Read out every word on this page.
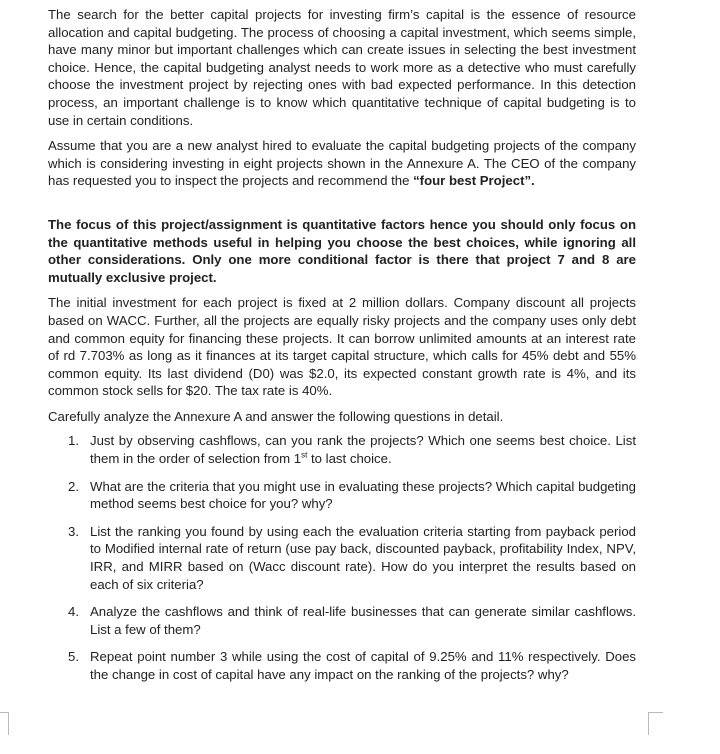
The search for the better capital projects for investing firm’s capital is the essence of resource allocation and capital budgeting. The process of choosing a capital investment, which seems simple, have many minor but important challenges which can create issues in selecting the best investment choice. Hence, the capital budgeting analyst needs to work more as a detective who must carefully choose the investment project by rejecting ones with bad expected performance. In this detection process, an important challenge is to know which quantitative technique of capital budgeting is to use in certain conditions.

Assume that you are a new analyst hired to evaluate the capital budgeting projects of the company which is considering investing in eight projects shown in the Annexure A. The CEO of the company has requested you to inspect the projects and recommend the “four best Project”.

The focus of this project/assignment is quantitative factors hence you should only focus on the quantitative methods useful in helping you choose the best choices, while ignoring all other considerations. Only one more conditional factor is there that project 7 and 8 are mutually exclusive project.

The initial investment for each project is fixed at 2 million dollars. Company discount all projects based on WACC. Further, all the projects are equally risky projects and the company uses only debt and common equity for financing these projects. It can borrow unlimited amounts at an interest rate of rd 7.703% as long as it finances at its target capital structure, which calls for 45% debt and 55% common equity. Its last dividend (D0) was $2.0, its expected constant growth rate is 4%, and its common stock sells for $20. The tax rate is 40%.

Carefully analyze the Annexure A and answer the following questions in detail.

1. Just by observing cashflows, can you rank the projects? Which one seems best choice. List them in the order of selection from 1st to last choice.
2. What are the criteria that you might use in evaluating these projects? Which capital budgeting method seems best choice for you? why?
3. List the ranking you found by using each the evaluation criteria starting from payback period to Modified internal rate of return (use pay back, discounted payback, profitability Index, NPV, IRR, and MIRR based on (Wacc discount rate). How do you interpret the results based on each of six criteria?
4. Analyze the cashflows and think of real-life businesses that can generate similar cashflows. List a few of them?
5. Repeat point number 3 while using the cost of capital of 9.25% and 11% respectively. Does the change in cost of capital have any impact on the ranking of the projects? why?
